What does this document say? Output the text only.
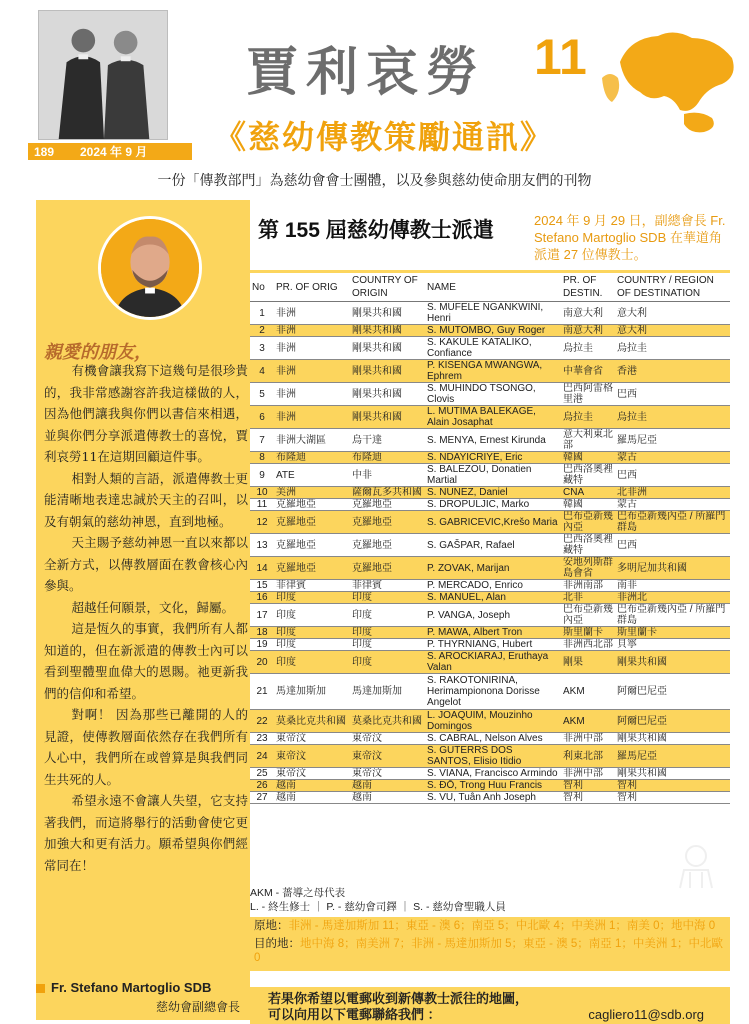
189	2024 年 9 月
賈利哀勞 11
《慈幼傳教策勵通訊》
一份「傳教部門」為慈幼會會士團體，以及參與慈幼使命朋友們的刊物
親愛的朋友，

有機會讓我寫下這幾句是很珍貴的，我非常感謝容許我這樣做的人，因為他們讓我與你們以書信來相遇，並與你們分享派遣傳教士的喜悅，賈利哀勞11在這期回顧這件事。

相對人類的言語，派遣傳教士更能清晰地表達忠誠於天主的召叫，以及有朝氣的慈幼神恩，直到地極。

天主賜予慈幼神恩一直以來都以全新方式，以傳教層面在教會核心內參與。

超越任何願景，文化，歸屬。

這是恆久的事實，我們所有人都知道的，但在新派遣的傳教士內可以看到聖體聖血偉大的恩賜。祂更新我們的信仰和希望。

對啊！ 因為那些已離開的人的見證，使傳教層面依然存在我們所有人心中，我們所在或曾算是與我們同生共死的人。

希望永遠不會讓人失望，它支持著我們，而這將舉行的活動會使它更加強大和更有活力。願希望與你們經常同在！

Fr. Stefano Martoglio SDB
慈幼會副總會長
第 155 屆慈幼傳教士派遣	2024 年 9 月 29 日，副總會長 Fr. Stefano Martoglio SDB 在華道角派遣 27 位傳教士。
No	PR. OF ORIG	COUNTRY OF ORIGIN	NAME	PR. OF DESTIN.	COUNTRY / REGION OF DESTINATION
1	非洲	剛果共和國	S. MUFELE NGANKWINI, Henri	南意大利	意大利
2	非洲	剛果共和國	S. MUTOMBO, Guy Roger	南意大利	意大利
3	非洲	剛果共和國	S. KAKULE KATALIKO, Confiance	烏拉圭	烏拉圭
4	非洲	剛果共和國	P. KISENGA MWANGWA, Ephrem	中華會省	香港
5	非洲	剛果共和國	S. MUHINDO TSONGO, Clovis	巴西阿雷格里港	巴西
6	非洲	剛果共和國	L. MUTIMA BALEKAGE, Alain Josaphat	烏拉圭	烏拉圭
7	非洲大湖區	烏干達	S. MENYA, Ernest Kirunda	意大利東北部	羅馬尼亞
8	布隆迪	布隆迪	S. NDAYICRIYE, Eric	韓國	蒙古
9	ATE	中非	S. BALEZOU, Donatien Martial	巴西洛奧裡藏特	巴西
10	美洲	薩爾瓦多共和國	S. NUÑEZ, Daniel	CNA	北非洲
11	克羅地亞	克羅地亞	S. DROPULJIC, Marko	韓國	蒙古
12	克羅地亞	克羅地亞	S. GABRICEVIC,Krešo Maria	巴布亞新幾內亞	巴布亞新幾內亞 / 所羅門群島
13	克羅地亞	克羅地亞	S. GAŠPAR, Rafael	巴西洛奧裡藏特	巴西
14	克羅地亞	克羅地亞	P. ZOVAK, Marijan	安地列斯群島會省	多明尼加共和國
15	菲律賓	菲律賓	P. MERCADO, Enrico	非洲南部	南非
16	印度	印度	S. MANUEL, Alan	北非	非洲北
17	印度	印度	P. VANGA, Joseph	巴布亞新幾內亞	巴布亞新幾內亞 / 所羅門群島
18	印度	印度	P. MAWA, Albert Tron	斯里蘭卡	斯里蘭卡
19	印度	印度	P. THYRNIANG, Hubert	非洲西北部	貝寧
20	印度	印度	S. AROCKIARAJ, Eruthaya Valan	剛果	剛果共和國
21	馬達加斯加	馬達加斯加	S. RAKOTONIRINA, Herimampionona Dorisse Angelot	AKM	阿爾巴尼亞
22	莫桑比克共和國	莫桑比克共和國	L. JOAQUIM, Mouzinho Domingos	AKM	阿爾巴尼亞
23	東帝汶	東帝汶	S. CABRAL, Nelson Alves	非洲中部	剛果共和國
24	東帝汶	東帝汶	S. GUTERRS DOS SANTOS, Elisio Itidio	利東北部	羅馬尼亞
25	東帝汶	東帝汶	S. VIANA, Francisco Armindo	非洲中部	剛果共和國
26	越南	越南	S. ĐỖ, Trong Huu Francis	智利	智利
27	越南	越南	S. VU, Tuân Anh Joseph	智利	智利
AKM - 薔導之母代表
L. - 終生修士 ｜ P. - 慈幼會司鐸 ｜ S. - 慈幼會聖職人員
原地：非洲 - 馬達加斯加 11；東亞 - 澳 6；南亞 5；中北歐 4；中美洲 1；南美 0；地中海 0
目的地：地中海 8；南美洲 7；非洲 - 馬達加斯加 5；東亞 - 澳 5；南亞 1；中美洲 1；中北歐 0
若果你希望以電郵收到新傳教士派往的地圖，
可以向用以下電郵聯絡我們 ：	cagliero11@sdb.org
